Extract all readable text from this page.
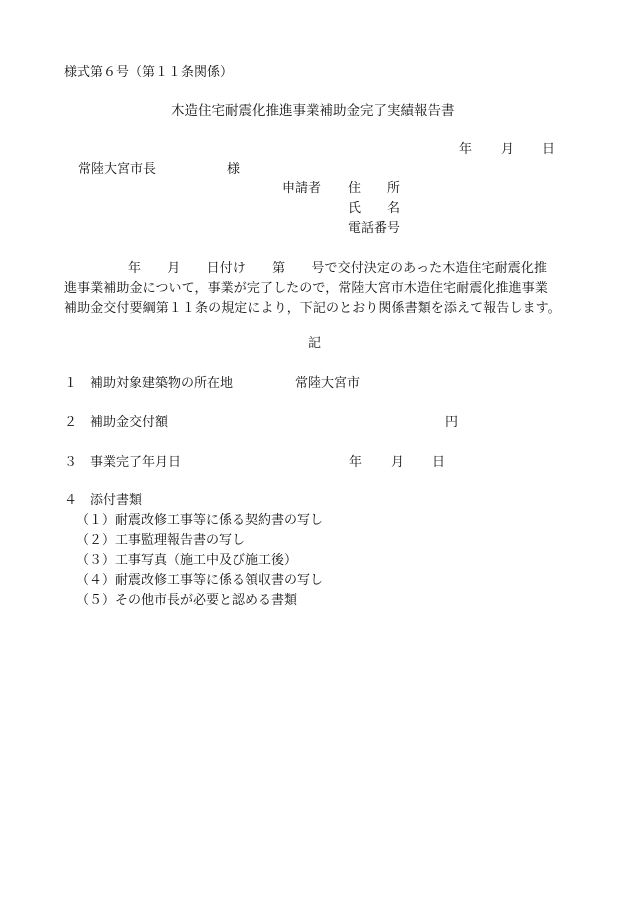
様式第６号（第１１条関係）
木造住宅耐震化推進事業補助金完了実績報告書
年 月 日
常陸大宮市長	様
申請者 住　　所
氏　　名
電話番号
年　　月　　日付け　　第　　号で交付決定のあった木造住宅耐震化推
進事業補助金について，事業が完了したので，常陸大宮市木造住宅耐震化推進事業
補助金交付要綱第１１条の規定により，下記のとおり関係書類を添えて報告します。
記
１ 補助対象建築物の所在地	常陸大宮市
２ 補助金交付額	円
３ 事業完了年月日	年 月 日
４ 添付書類
（１）耐震改修工事等に係る契約書の写し
（２）工事監理報告書の写し
（３）工事写真（施工中及び施工後）
（４）耐震改修工事等に係る領収書の写し
（５）その他市長が必要と認める書類
